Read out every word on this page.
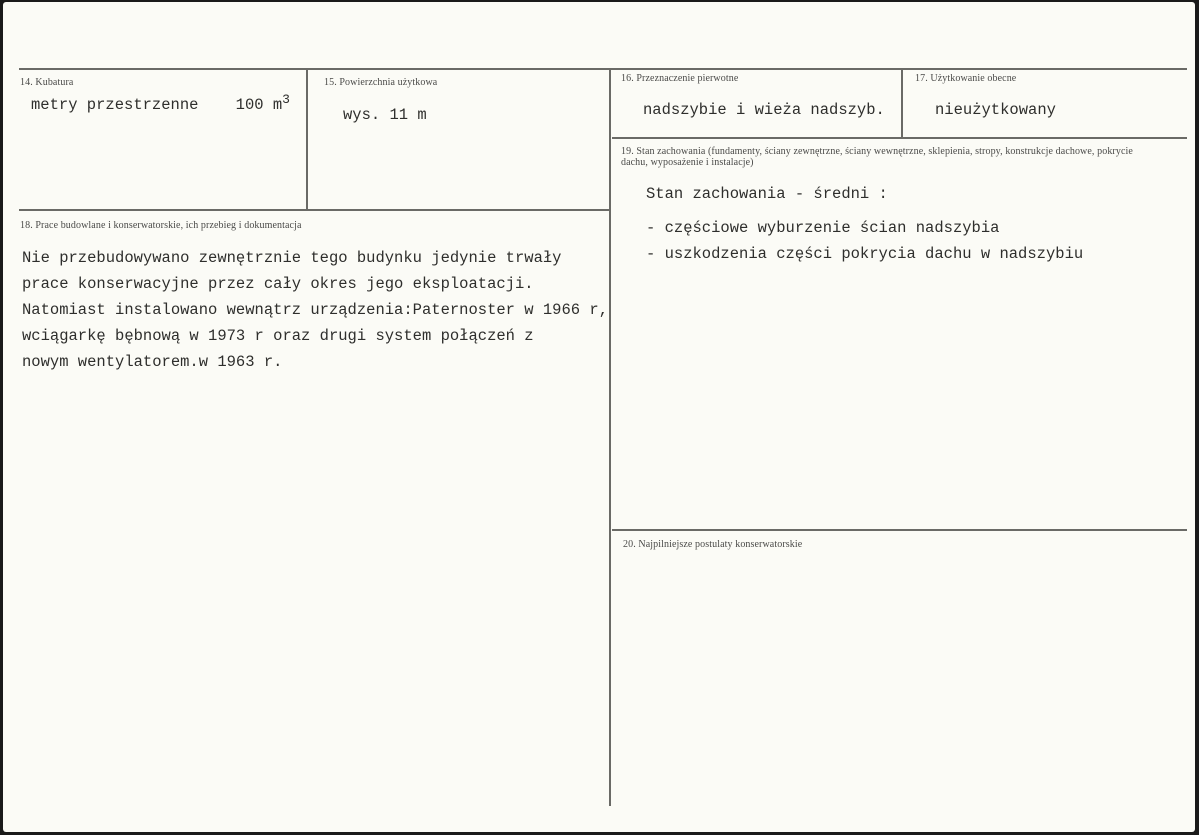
14. Kubatura
metry przestrzenne 100 $m^3$
15. Powierzchnia użytkowa
wys. 11 m
16. Przeznaczenie pierwotne
nadszybie i wieża nadszyb.
17. Użytkowanie obecne
nieużytkowany
19. Stan zachowania (fundamenty, ściany zewnętrzne, ściany wewnętrzne, sklepienia, stropy, konstrukcje dachowe, pokrycie dachu, wyposażenie i instalacje)
Stan zachowania - średni :
- częściowe wyburzenie ścian nadszybia
- uszkodzenia części pokrycia dachu w nadszybiu
18. Prace budowlane i konserwatorskie, ich przebieg i dokumentacja
Nie przebudowywano zewnętrznie tego budynku jedynie trwały
prace konserwacyjne przez cały okres jego eksploatacji.
Natomiast instalowano wewnątrz urządzenia:Paternoster w 1966 r,
wciągarkę bębnową w 1973 r oraz drugi system połączeń z
nowym wentylatorem.w 1963 r.
20. Najpilniejsze postulaty konserwatorskie
